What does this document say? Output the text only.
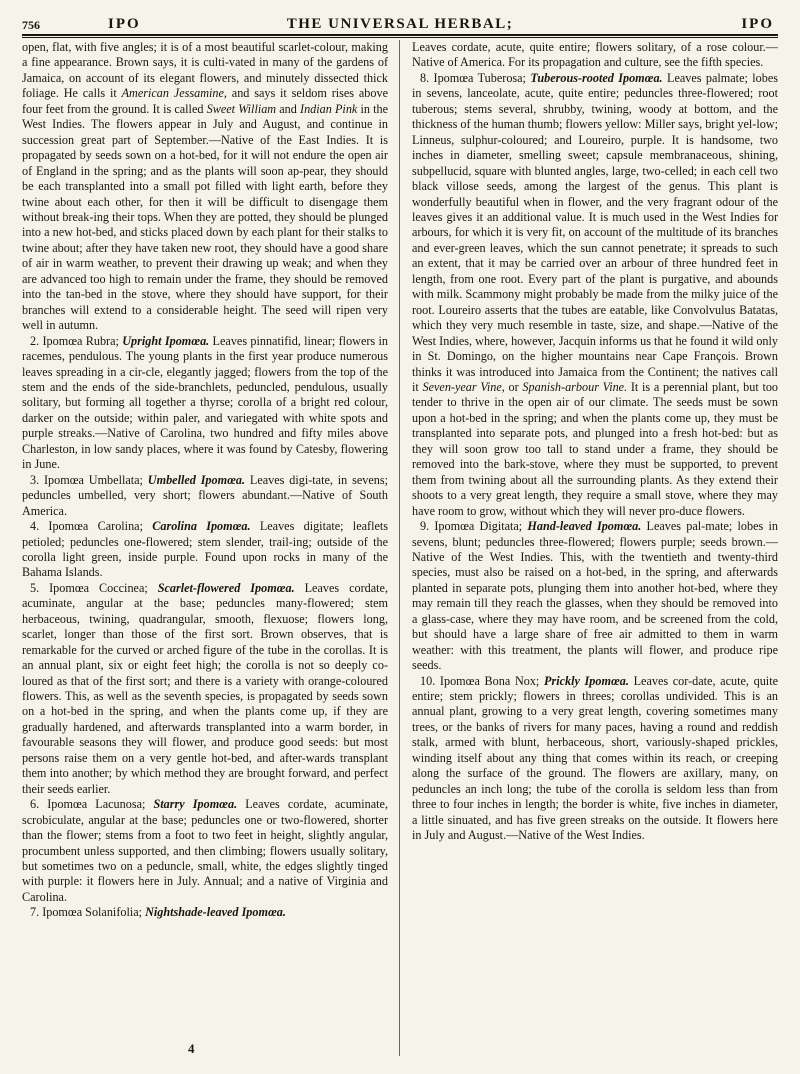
756	IPO	THE UNIVERSAL HERBAL;	IPO

open, flat, with five angles; it is of a most beautiful scarlet-colour, making a fine appearance. Brown says, it is culti-vated in many of the gardens of Jamaica, on account of its elegant flowers, and minutely dissected thick foliage. He calls it American Jessamine, and says it seldom rises above four feet from the ground. It is called Sweet William and Indian Pink in the West Indies. The flowers appear in July and August, and continue in succession great part of September.—Native of the East Indies. It is propagated by seeds sown on a hot-bed, for it will not endure the open air of England in the spring; and as the plants will soon ap-pear, they should be each transplanted into a small pot filled with light earth, before they twine about each other, for then it will be difficult to disengage them without break-ing their tops. When they are potted, they should be plunged into a new hot-bed, and sticks placed down by each plant for their stalks to twine about; after they have taken new root, they should have a good share of air in warm weather, to prevent their drawing up weak; and when they are advanced too high to remain under the frame, they should be removed into the tan-bed in the stove, where they should have support, for their branches will extend to a considerable height. The seed will ripen very well in autumn.

2. Ipomœa Rubra; Upright Ipomœa. Leaves pinnatifid, linear; flowers in racemes, pendulous. The young plants in the first year produce numerous leaves spreading in a cir-cle, elegantly jagged; flowers from the top of the stem and the ends of the side-branchlets, peduncled, pendulous, usually solitary, but forming all together a thyrse; corolla of a bright red colour, darker on the outside; within paler, and variegated with white spots and purple streaks.—Native of Carolina, two hundred and fifty miles above Charleston, in low sandy places, where it was found by Catesby, flowering in June.

3. Ipomœa Umbellata; Umbelled Ipomœa. Leaves digi-tate, in sevens; peduncles umbelled, very short; flowers abundant.—Native of South America.

4. Ipomœa Carolina; Carolina Ipomœa. Leaves digitate; leaflets petioled; peduncles one-flowered; stem slender, trail-ing; outside of the corolla light green, inside purple. Found upon rocks in many of the Bahama Islands.

5. Ipomœa Coccinea; Scarlet-flowered Ipomœa. Leaves cordate, acuminate, angular at the base; peduncles many-flowered; stem herbaceous, twining, quadrangular, smooth, flexuose; flowers long, scarlet, longer than those of the first sort. Brown observes, that is remarkable for the curved or arched figure of the tube in the corollas. It is an annual plant, six or eight feet high; the corolla is not so deeply co-loured as that of the first sort; and there is a variety with orange-coloured flowers. This, as well as the seventh species, is propagated by seeds sown on a hot-bed in the spring, and when the plants come up, if they are gradually hardened, and afterwards transplanted into a warm border, in favourable seasons they will flower, and produce good seeds: but most persons raise them on a very gentle hot-bed, and after-wards transplant them into another; by which method they are brought forward, and perfect their seeds earlier.

6. Ipomœa Lacunosa; Starry Ipomœa. Leaves cordate, acuminate, scrobiculate, angular at the base; peduncles one or two-flowered, shorter than the flower; stems from a foot to two feet in height, slightly angular, procumbent unless supported, and then climbing; flowers usually solitary, but sometimes two on a peduncle, small, white, the edges slightly tinged with purple: it flowers here in July. Annual; and a native of Virginia and Carolina.

7. Ipomœa Solanifolia; Nightshade-leaved Ipomœa.

Leaves cordate, acute, quite entire; flowers solitary, of a rose colour.—Native of America. For its propagation and culture, see the fifth species.

8. Ipomœa Tuberosa; Tuberous-rooted Ipomœa. Leaves palmate; lobes in sevens, lanceolate, acute, quite entire; peduncles three-flowered; root tuberous; stems several, shrubby, twining, woody at bottom, and the thickness of the human thumb; flowers yellow: Miller says, bright yel-low; Linneus, sulphur-coloured; and Loureiro, purple. It is handsome, two inches in diameter, smelling sweet; capsule membranaceous, shining, subpellucid, square with blunted angles, large, two-celled; in each cell two black villose seeds, among the largest of the genus. This plant is wonderfully beautiful when in flower, and the very fragrant odour of the leaves gives it an additional value. It is much used in the West Indies for arbours, for which it is very fit, on account of the multitude of its branches and ever-green leaves, which the sun cannot penetrate; it spreads to such an extent, that it may be carried over an arbour of three hundred feet in length, from one root. Every part of the plant is purgative, and abounds with milk. Scammony might probably be made from the milky juice of the root. Loureiro asserts that the tubes are eatable, like Convolvulus Batatas, which they very much resemble in taste, size, and shape.—Native of the West Indies, where, however, Jacquin informs us that he found it wild only in St. Domingo, on the higher mountains near Cape François. Brown thinks it was introduced into Jamaica from the Continent; the natives call it Seven-year Vine, or Spanish-arbour Vine. It is a perennial plant, but too tender to thrive in the open air of our climate. The seeds must be sown upon a hot-bed in the spring; and when the plants come up, they must be transplanted into separate pots, and plunged into a fresh hot-bed: but as they will soon grow too tall to stand under a frame, they should be removed into the bark-stove, where they must be supported, to prevent them from twining about all the surrounding plants. As they extend their shoots to a very great length, they require a small stove, where they may have room to grow, without which they will never pro-duce flowers.

9. Ipomœa Digitata; Hand-leaved Ipomœa. Leaves pal-mate; lobes in sevens, blunt; peduncles three-flowered; flowers purple; seeds brown.—Native of the West Indies. This, with the twentieth and twenty-third species, must also be raised on a hot-bed, in the spring, and afterwards planted in separate pots, plunging them into another hot-bed, where they may remain till they reach the glasses, when they should be removed into a glass-case, where they may have room, and be screened from the cold, but should have a large share of free air admitted to them in warm weather: with this treatment, the plants will flower, and produce ripe seeds.

10. Ipomœa Bona Nox; Prickly Ipomœa. Leaves cor-date, acute, quite entire; stem prickly; flowers in threes; corollas undivided. This is an annual plant, growing to a very great length, covering sometimes many trees, or the banks of rivers for many paces, having a round and reddish stalk, armed with blunt, herbaceous, short, variously-shaped prickles, winding itself about any thing that comes within its reach, or creeping along the surface of the ground. The flowers are axillary, many, on peduncles an inch long; the tube of the corolla is seldom less than from three to four inches in length; the border is white, five inches in diameter, a little sinuated, and has five green streaks on the outside. It flowers here in July and August.—Native of the West Indies.

4
